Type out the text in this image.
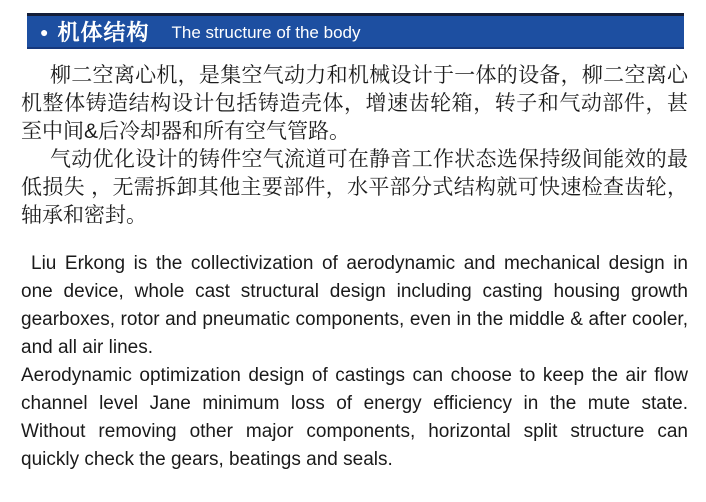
● 机体结构 The structure of the body

柳二空离心机，是集空气动力和机械设计于一体的设备，柳二空离心机整体铸造结构设计包括铸造壳体，增速齿轮箱，转子和气动部件，甚至中间&后冷却器和所有空气管路。

气动优化设计的铸件空气流道可在静音工作状态选保持级间能效的最低损失 ，无需拆卸其他主要部件，水平部分式结构就可快速检查齿轮，轴承和密封。

Liu Erkong is the collectivization of aerodynamic and mechanical design in one device, whole cast structural design including casting housing growth gearboxes, rotor and pneumatic components, even in the middle & after cooler, and all air lines.

Aerodynamic optimization design of castings can choose to keep the air flow channel level Jane minimum loss of energy efficiency in the mute state. Without removing other major components, horizontal split structure can quickly check the gears, beatings and seals.
